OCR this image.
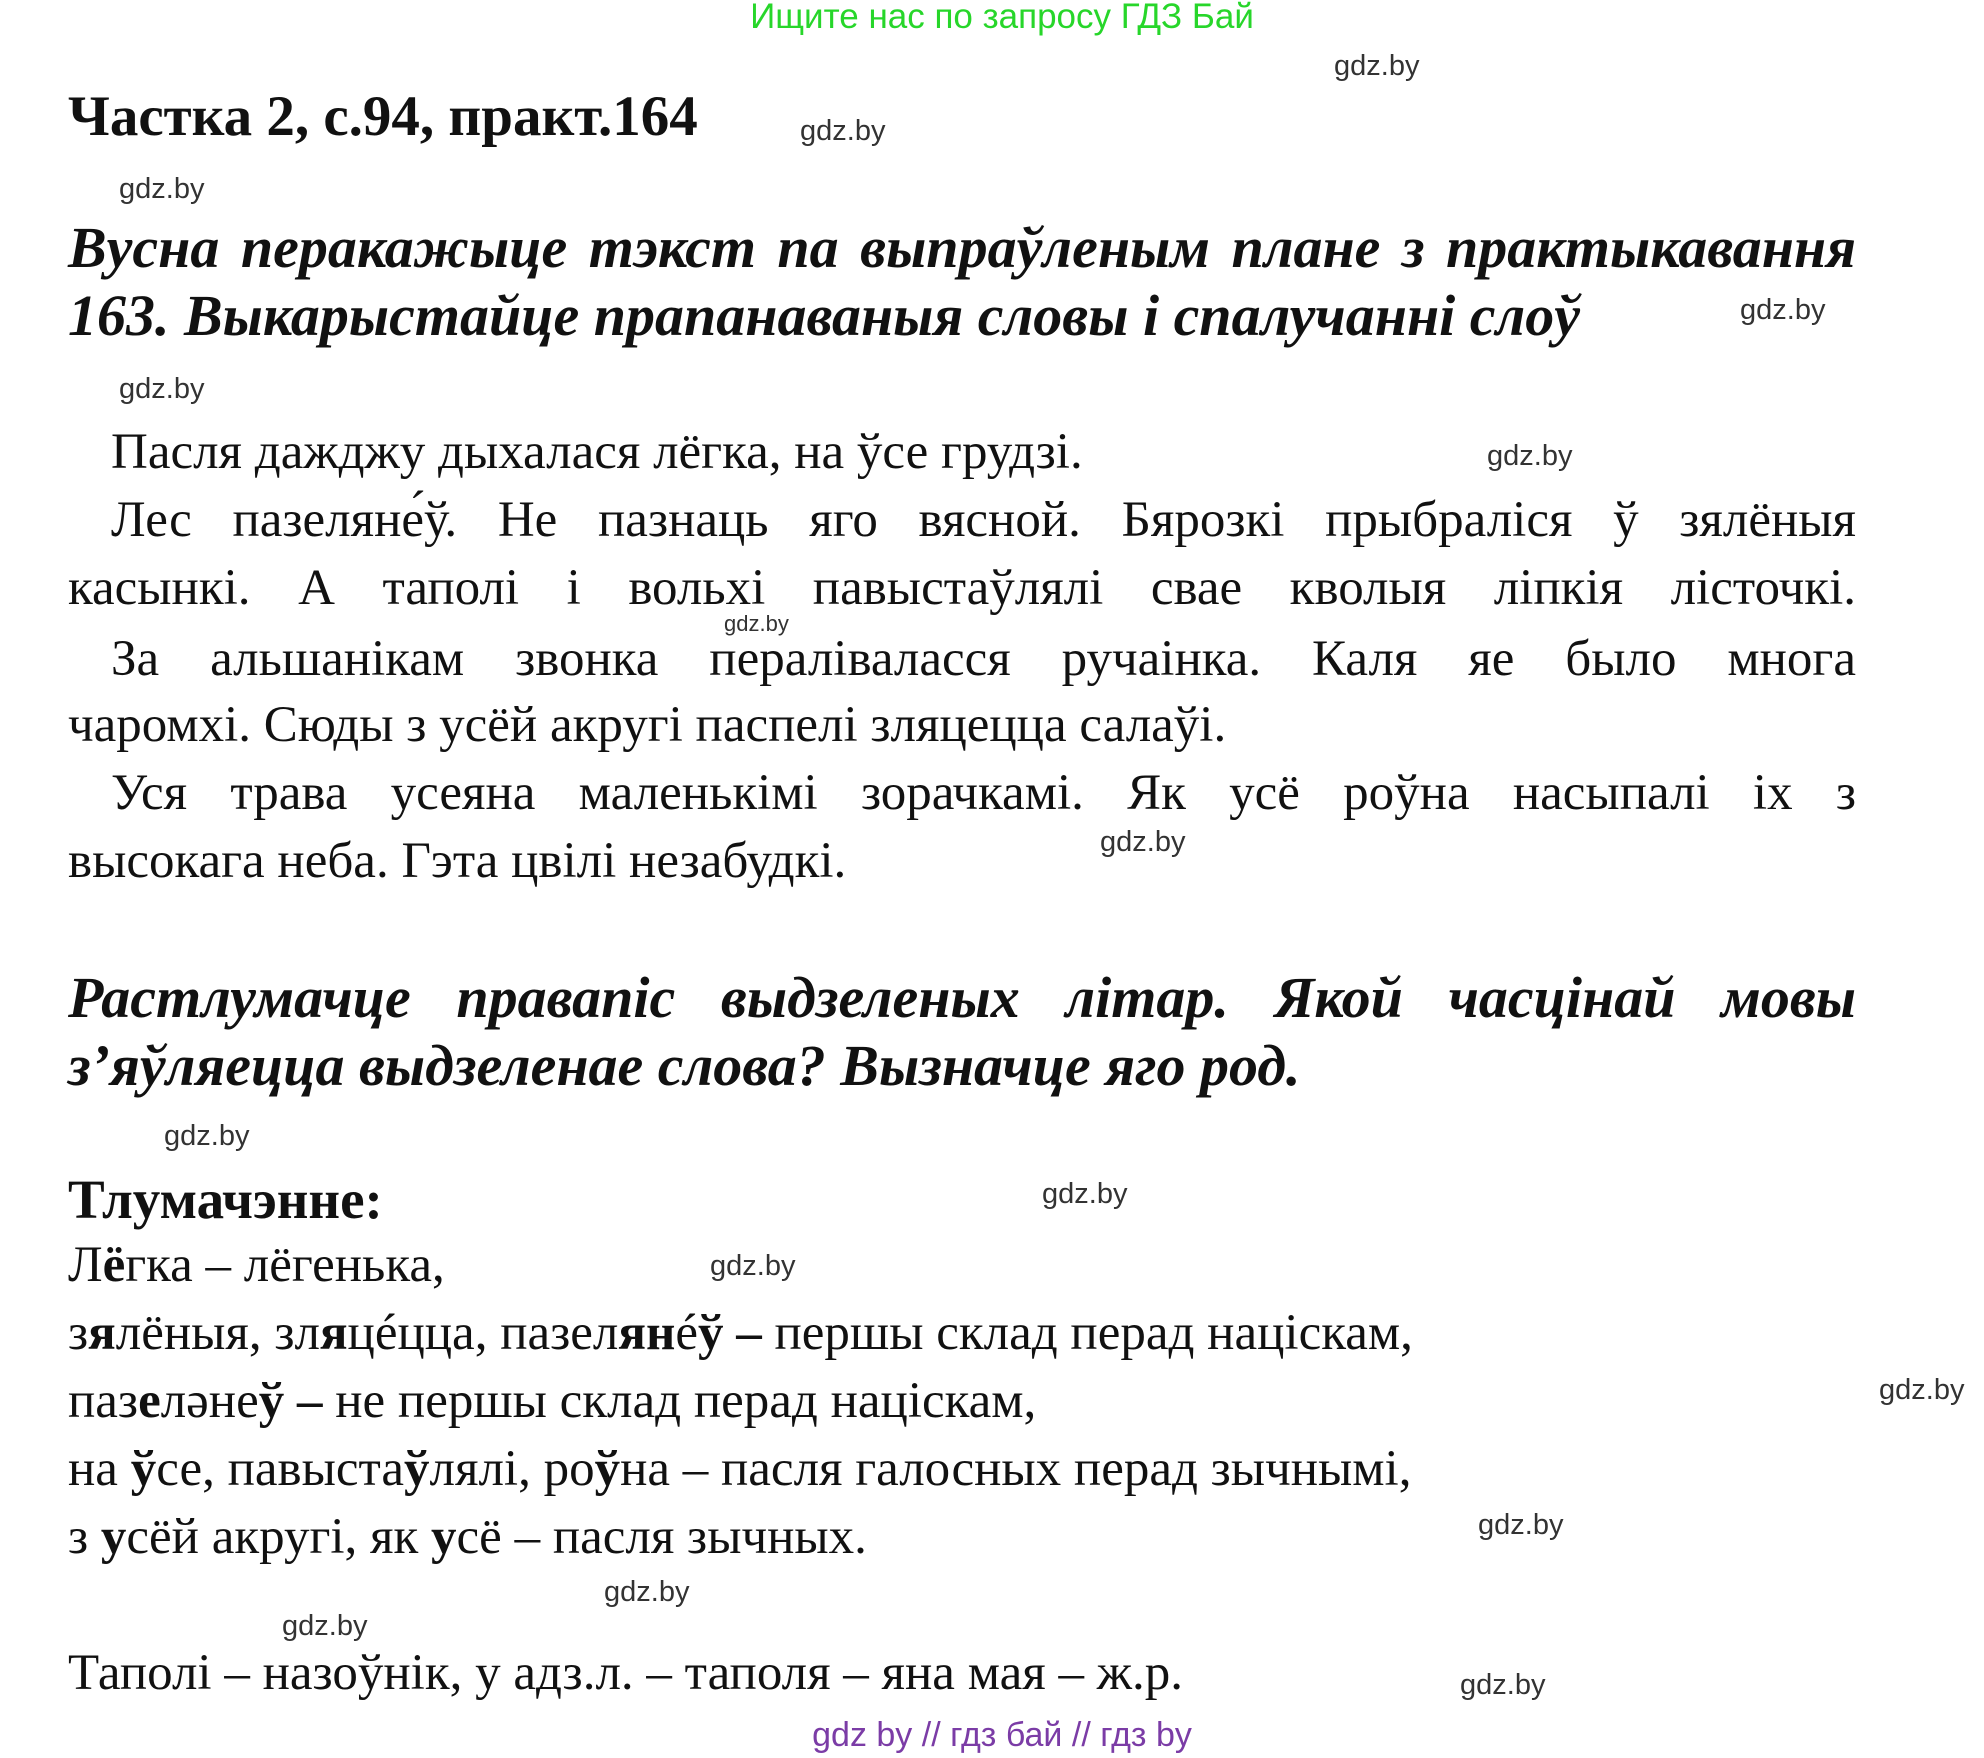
Ищите нас по запросу ГДЗ Бай
Частка 2, с.94, практ.164
Вусна перакажыце тэкст па выпраўленым плане з практыкавання
163. Выкарыстайце прапанаваныя словы і спалучанні слоў
Пасля дажджу дыхалася лёгка, на ўсе грудзі.
Лес пазеляне́ў. Не пазнаць яго вясной. Бярозкі прыбраліся ў зялёныя
касынкі. А таполі і вольхі павыстаўлялі свае кволыя ліпкія лісточкі.
За альшанікам звонка пераліваласся ручаінка. Каля яе было многа
чаромхі. Сюды з усёй акругі паспелі зляцецца салаўі.
Уся трава усеяна маленькімі зорачкамі. Як усё роўна насыпалі іх з
высокага неба. Гэта цвілі незабудкі.
Растлумачце правапіс выдзеленых літар. Якой часцінай мовы
з’яўляецца выдзеленае слова? Вызначце яго род.
Тлумачэнне:
Лёгка – лёгенька,
зялёныя, зляцéцца, пазелянéў – першы склад перад націскам,
пазелəнеў – не першы склад перад націскам,
на ўсе, павыстаўлялі, роўна – пасля галосных перад зычнымі,
з усёй акругі, як усё – пасля зычных.
Таполі – назоўнік, у адз.л. – таполя – яна мая – ж.р.
gdz.by
gdz.by
gdz.by
gdz.by
gdz.by
gdz.by
gdz.by
gdz.by
gdz.by
gdz.by
gdz.by
gdz.by
gdz.by
gdz.by
gdz.by
gdz.by
gdz by // гдз бай // гдз by
